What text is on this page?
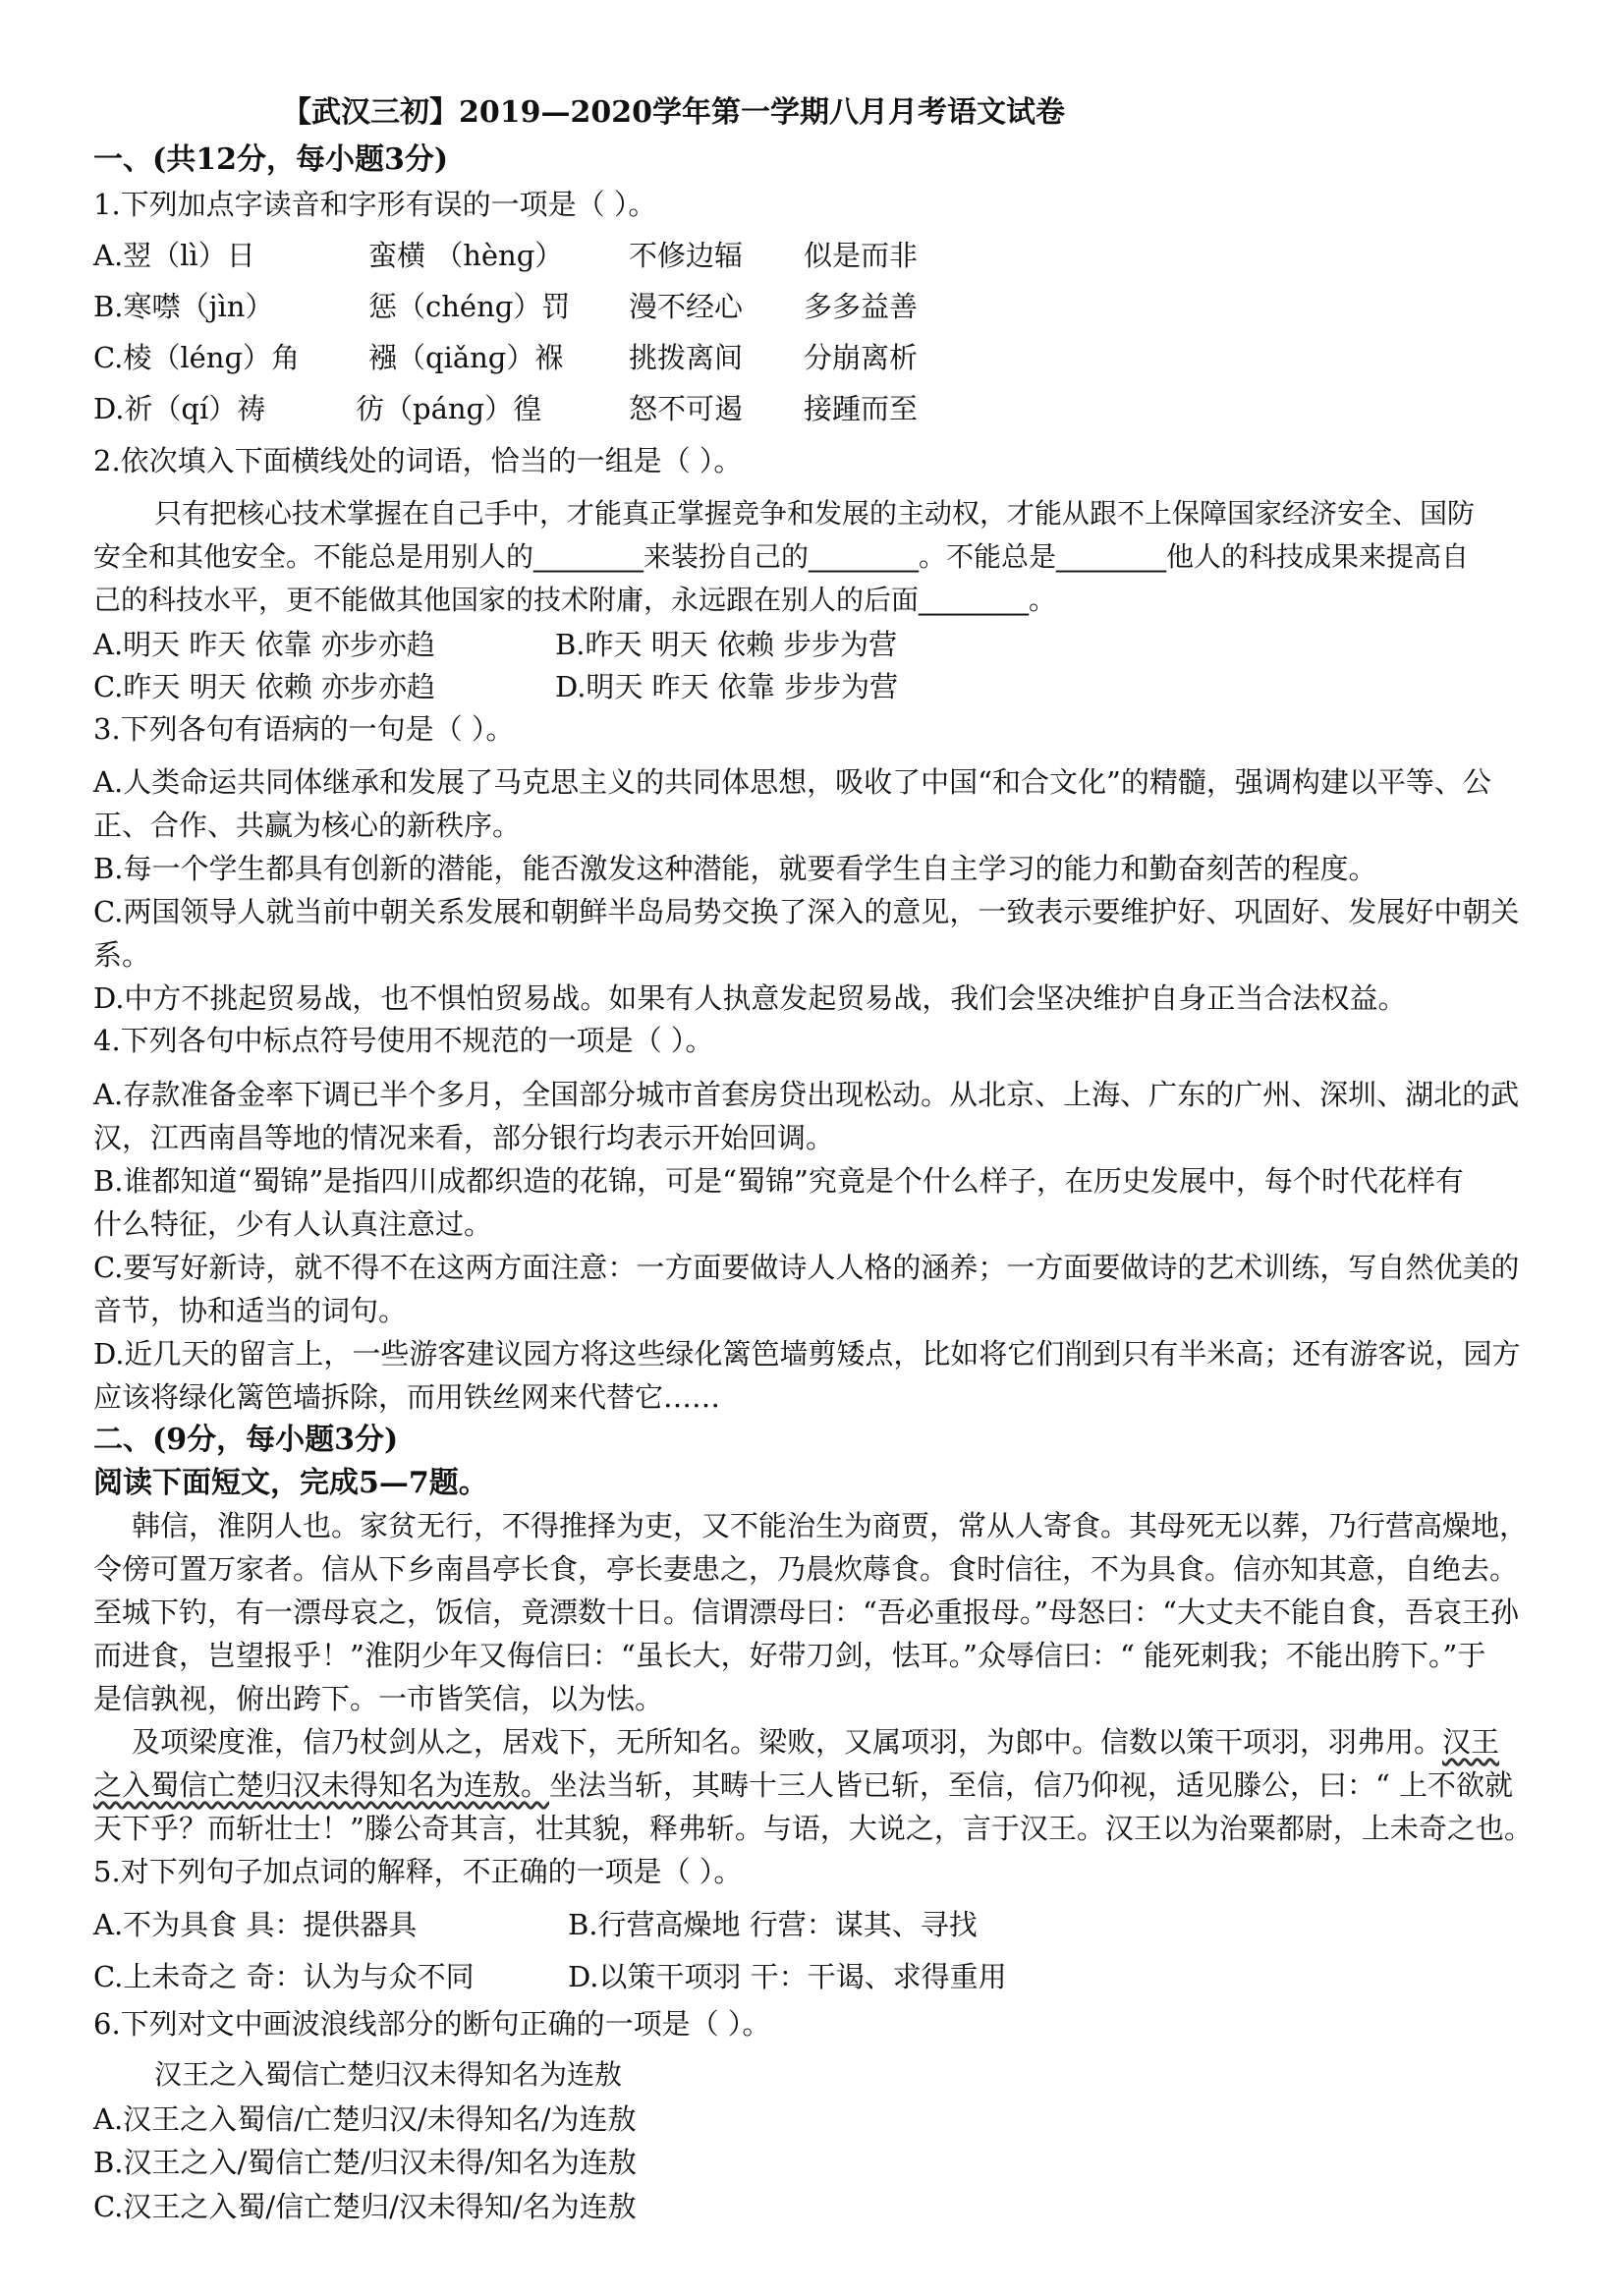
【武汉三初】2019—2020学年第一学期八月月考语文试卷
一、(共12分，每小题3分)
1.下列加点字读音和字形有误的一项是（ ）。
A.翌（lì）日	蛮横 （hènɡ） 不修边辐 似是而非
B.寒噤（jìn）	惩（chénɡ）罚 漫不经心 多多益善
C.棱（lénɡ）角 襁（qiǎnɡ）褓 挑拨离间 分崩离析
D.祈（qí）祷	彷（pánɡ）徨	怒不可遏 接踵而至
2.依次填入下面横线处的词语，恰当的一组是（ ）。
只有把核心技术掌握在自己手中，才能真正掌握竞争和发展的主动权，才能从跟不上保障国家经济安全、国防
安全和其他安全。不能总是用别人的________来装扮自己的________。不能总是________他人的科技成果来提高自
己的科技水平，更不能做其他国家的技术附庸，永远跟在别人的后面________。
A.明天 昨天 依靠 亦步亦趋	B.昨天 明天 依赖 步步为营
C.昨天 明天 依赖 亦步亦趋	D.明天 昨天 依靠 步步为营
3.下列各句有语病的一句是（ ）。
A.人类命运共同体继承和发展了马克思主义的共同体思想，吸收了中国“和合文化”的精髓，强调构建以平等、公
正、合作、共赢为核心的新秩序。
B.每一个学生都具有创新的潜能，能否激发这种潜能，就要看学生自主学习的能力和勤奋刻苦的程度。
C.两国领导人就当前中朝关系发展和朝鲜半岛局势交换了深入的意见，一致表示要维护好、巩固好、发展好中朝关
系。
D.中方不挑起贸易战，也不惧怕贸易战。如果有人执意发起贸易战，我们会坚决维护自身正当合法权益。
4.下列各句中标点符号使用不规范的一项是（ ）。
A.存款准备金率下调已半个多月，全国部分城市首套房贷出现松动。从北京、上海、广东的广州、深圳、湖北的武
汉，江西南昌等地的情况来看，部分银行均表示开始回调。
B.谁都知道“蜀锦”是指四川成都织造的花锦，可是“蜀锦”究竟是个什么样子，在历史发展中，每个时代花样有
什么特征，少有人认真注意过。
C.要写好新诗，就不得不在这两方面注意：一方面要做诗人人格的涵养；一方面要做诗的艺术训练，写自然优美的
音节，协和适当的词句。
D.近几天的留言上，一些游客建议园方将这些绿化篱笆墙剪矮点，比如将它们削到只有半米高；还有游客说，园方
应该将绿化篱笆墙拆除，而用铁丝网来代替它……
二、(9分，每小题3分)
阅读下面短文，完成5—7题。
韩信，淮阴人也。家贫无行，不得推择为吏，又不能治生为商贾，常从人寄食。其母死无以葬，乃行营高燥地，
令傍可置万家者。信从下乡南昌亭长食，亭长妻患之，乃晨炊蓐食。食时信往，不为具食。信亦知其意，自绝去。
至城下钓，有一漂母哀之，饭信，竟漂数十日。信谓漂母曰：“吾必重报母。”母怒曰：“大丈夫不能自食，吾哀王孙
而进食，岂望报乎！”淮阴少年又侮信曰：“虽长大，好带刀剑，怯耳。”众辱信曰：“ 能死刺我；不能出胯下。”于
是信孰视，俯出跨下。一市皆笑信，以为怯。
及项梁度淮，信乃杖剑从之，居戏下，无所知名。梁败，又属项羽，为郎中。信数以策干项羽，羽弗用。汉王
之入蜀信亡楚归汉未得知名为连敖。坐法当斩，其畴十三人皆已斩，至信，信乃仰视，适见滕公，曰：“ 上不欲就
天下乎？而斩壮士！”滕公奇其言，壮其貌，释弗斩。与语，大说之，言于汉王。汉王以为治粟都尉，上未奇之也。
5.对下列句子加点词的解释，不正确的一项是（ ）。
A.不为具食 具：提供器具	B.行营高燥地 行营：谋其、寻找
C.上未奇之 奇：认为与众不同	D.以策干项羽 干：干谒、求得重用
6.下列对文中画波浪线部分的断句正确的一项是（ ）。
汉王之入蜀信亡楚归汉未得知名为连敖
A.汉王之入蜀信/亡楚归汉/未得知名/为连敖
B.汉王之入/蜀信亡楚/归汉未得/知名为连敖
C.汉王之入蜀/信亡楚归/汉未得知/名为连敖
